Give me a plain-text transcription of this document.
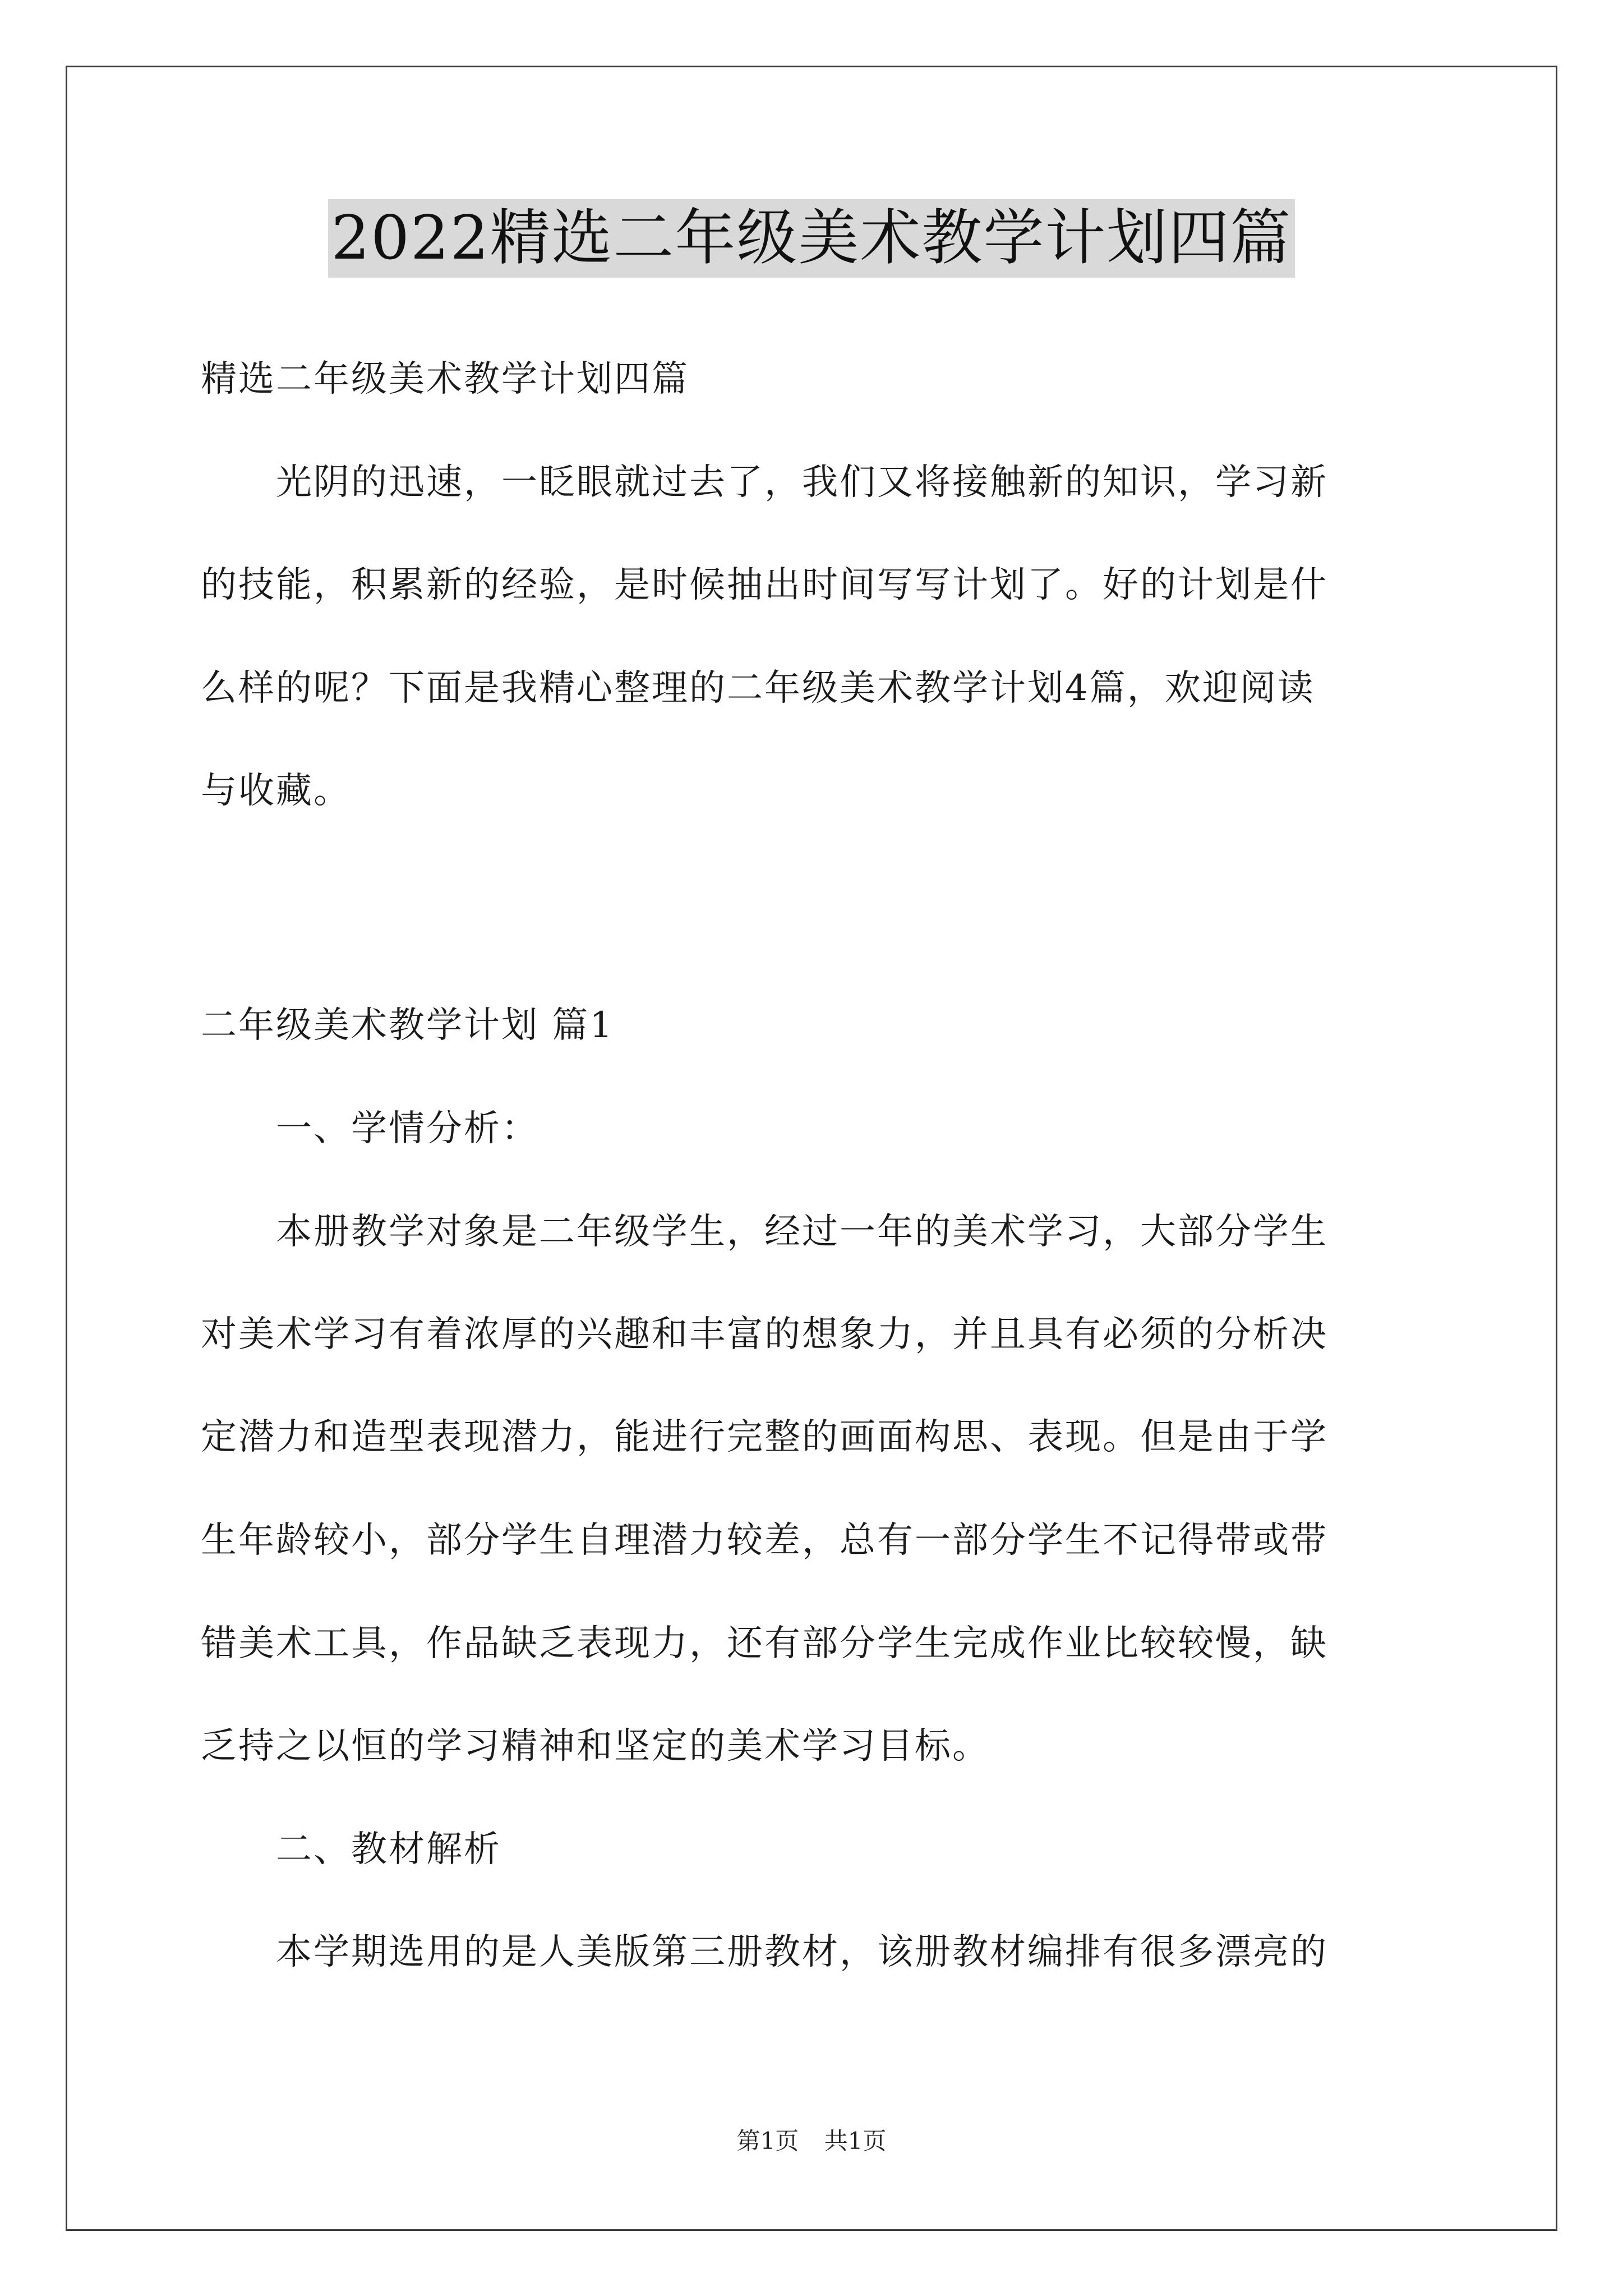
2022精选二年级美术教学计划四篇

精选二年级美术教学计划四篇

　　光阴的迅速，一眨眼就过去了，我们又将接触新的知识，学习新

的技能，积累新的经验，是时候抽出时间写写计划了。好的计划是什

么样的呢？下面是我精心整理的二年级美术教学计划4篇，欢迎阅读

与收藏。

二年级美术教学计划 篇1

　　一、学情分析：

　　本册教学对象是二年级学生，经过一年的美术学习，大部分学生

对美术学习有着浓厚的兴趣和丰富的想象力，并且具有必须的分析决

定潜力和造型表现潜力，能进行完整的画面构思、表现。但是由于学

生年龄较小，部分学生自理潜力较差，总有一部分学生不记得带或带

错美术工具，作品缺乏表现力，还有部分学生完成作业比较较慢，缺

乏持之以恒的学习精神和坚定的美术学习目标。

　　二、教材解析

　　本学期选用的是人美版第三册教材，该册教材编排有很多漂亮的

第1页 共1页
